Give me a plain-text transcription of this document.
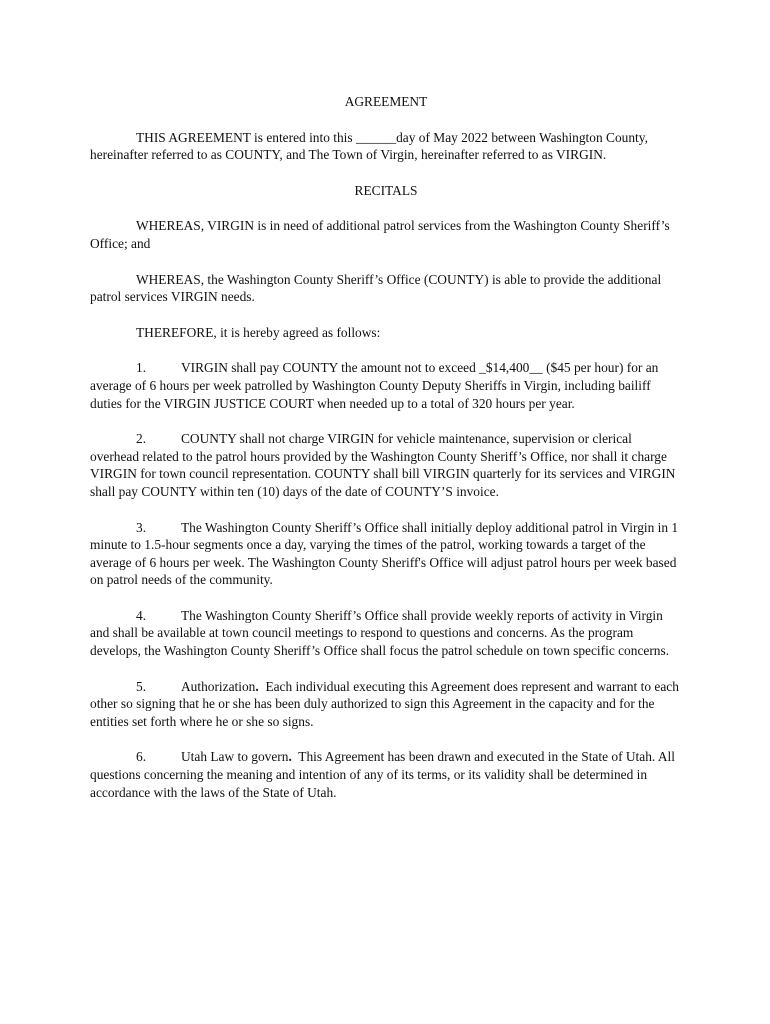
AGREEMENT

THIS AGREEMENT is entered into this ______day of May 2022 between Washington County, hereinafter referred to as COUNTY, and The Town of Virgin, hereinafter referred to as VIRGIN.

RECITALS

WHEREAS, VIRGIN is in need of additional patrol services from the Washington County Sheriff’s Office; and

WHEREAS, the Washington County Sheriff’s Office (COUNTY) is able to provide the additional patrol services VIRGIN needs.

THEREFORE, it is hereby agreed as follows:

1.	VIRGIN shall pay COUNTY the amount not to exceed _$14,400__ ($45 per hour) for an average of 6 hours per week patrolled by Washington County Deputy Sheriffs in Virgin, including bailiff duties for the VIRGIN JUSTICE COURT when needed up to a total of 320 hours per year.

2.	COUNTY shall not charge VIRGIN for vehicle maintenance, supervision or clerical overhead related to the patrol hours provided by the Washington County Sheriff’s Office, nor shall it charge VIRGIN for town council representation. COUNTY shall bill VIRGIN quarterly for its services and VIRGIN shall pay COUNTY within ten (10) days of the date of COUNTY’S invoice.

3.	The Washington County Sheriff’s Office shall initially deploy additional patrol in Virgin in 1 minute to 1.5-hour segments once a day, varying the times of the patrol, working towards a target of the average of 6 hours per week. The Washington County Sheriff's Office will adjust patrol hours per week based on patrol needs of the community.

4.	The Washington County Sheriff’s Office shall provide weekly reports of activity in Virgin and shall be available at town council meetings to respond to questions and concerns. As the program develops, the Washington County Sheriff’s Office shall focus the patrol schedule on town specific concerns.

5.	Authorization. Each individual executing this Agreement does represent and warrant to each other so signing that he or she has been duly authorized to sign this Agreement in the capacity and for the entities set forth where he or she so signs.

6.	Utah Law to govern. This Agreement has been drawn and executed in the State of Utah. All questions concerning the meaning and intention of any of its terms, or its validity shall be determined in accordance with the laws of the State of Utah.
